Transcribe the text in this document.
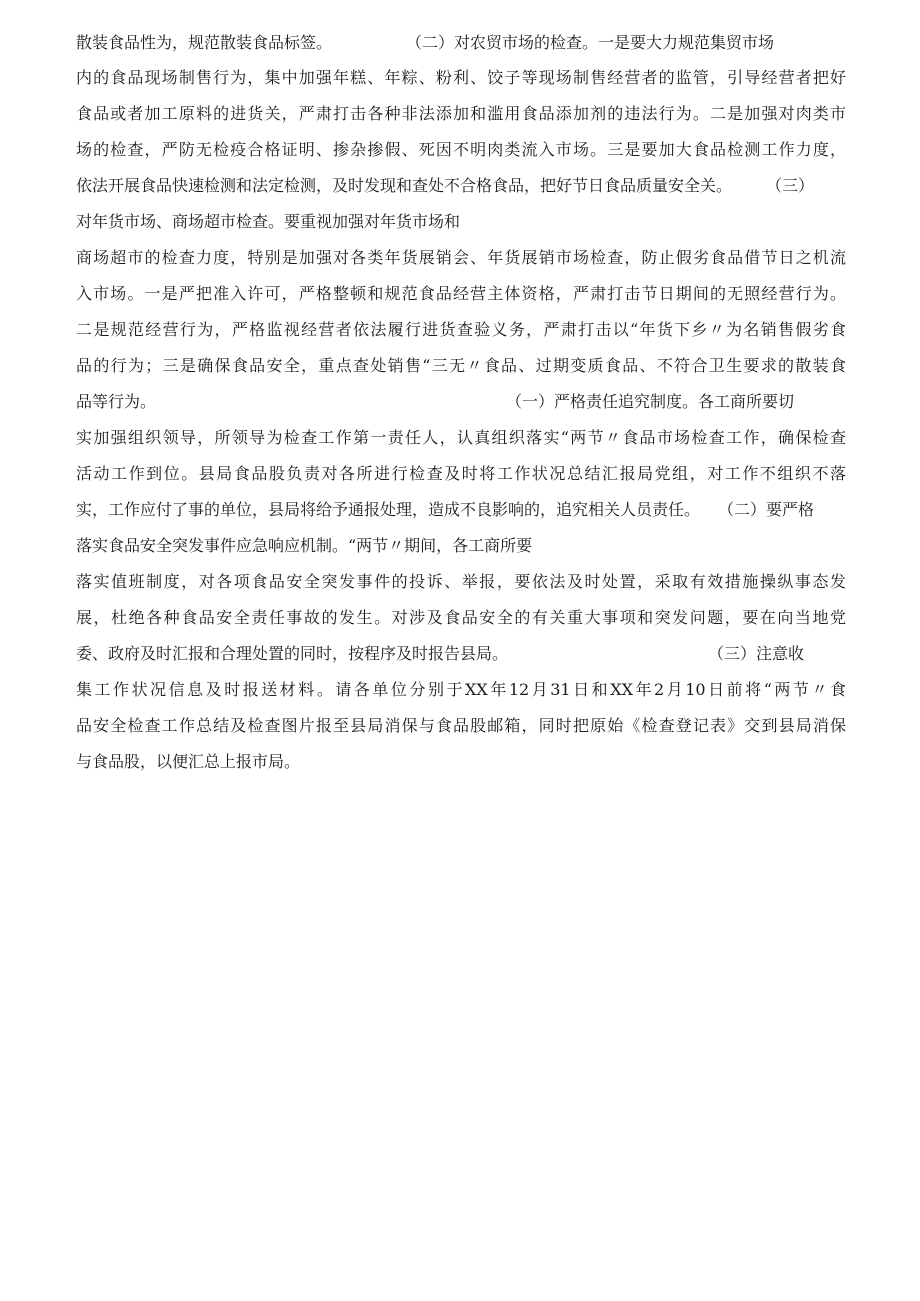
散装食品性为，规范散装食品标签。	（二）对农贸市场的检查。一是要大力规范集贸市场
内的食品现场制售行为，集中加强年糕、年粽、粉利、饺子等现场制售经营者的监管，引导经营者把好
食品或者加工原料的进货关，严肃打击各种非法添加和滥用食品添加剂的违法行为。二是加强对肉类市
场的检查，严防无检疫合格证明、掺杂掺假、死因不明肉类流入市场。三是要加大食品检测工作力度，
依法开展食品快速检测和法定检测，及时发现和查处不合格食品，把好节日食品质量安全关。 （三）
对年货市场、商场超市检查。要重视加强对年货市场和
商场超市的检查力度，特别是加强对各类年货展销会、年货展销市场检查，防止假劣食品借节日之机流
入市场。一是严把准入许可，严格整顿和规范食品经营主体资格，严肃打击节日期间的无照经营行为。
二是规范经营行为，严格监视经营者依法履行进货查验义务，严肃打击以“年货下乡〃为名销售假劣食
品的行为；三是确保食品安全，重点查处销售“三无〃食品、过期变质食品、不符合卫生要求的散装食
品等行为。	（一）严格责任追究制度。各工商所要切
实加强组织领导，所领导为检查工作第一责任人，认真组织落实“两节〃食品市场检查工作，确保检查
活动工作到位。县局食品股负责对各所进行检查及时将工作状况总结汇报局党组，对工作不组织不落
实，工作应付了事的单位，县局将给予通报处理，造成不良影响的，追究相关人员责任。 （二）要严格
落实食品安全突发事件应急响应机制。“两节〃期间，各工商所要
落实值班制度，对各项食品安全突发事件的投诉、举报，要依法及时处置，采取有效措施操纵事态发
展，杜绝各种食品安全责任事故的发生。对涉及食品安全的有关重大事项和突发问题，要在向当地党
委、政府及时汇报和合理处置的同时，按程序及时报告县局。	（三）注意收
集工作状况信息及时报送材料。请各单位分别于XX年12月31日和XX年2月10日前将“两节〃食
品安全检查工作总结及检查图片报至县局消保与食品股邮箱，同时把原始《检查登记表》交到县局消保
与食品股，以便汇总上报市局。
